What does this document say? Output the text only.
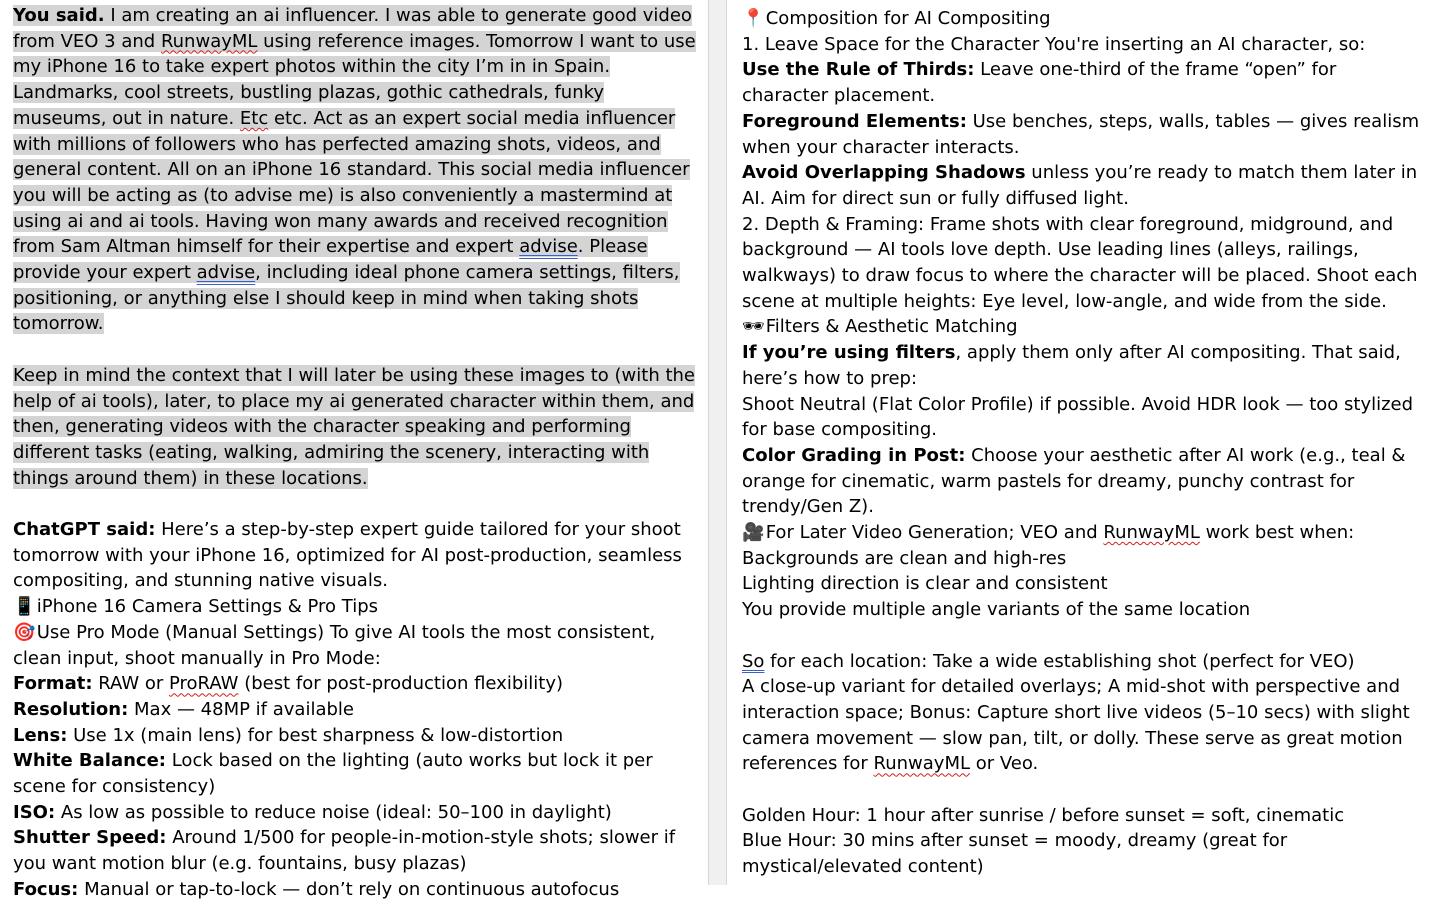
You said. I am creating an ai influencer. I was able to generate good video from VEO 3 and RunwayML using reference images. Tomorrow I want to use my iPhone 16 to take expert photos within the city I’m in in Spain. Landmarks, cool streets, bustling plazas, gothic cathedrals, funky museums, out in nature. Etc etc. Act as an expert social media influencer with millions of followers who has perfected amazing shots, videos, and general content. All on an iPhone 16 standard. This social media influencer you will be acting as (to advise me) is also conveniently a mastermind at using ai and ai tools. Having won many awards and received recognition from Sam Altman himself for their expertise and expert advise. Please provide your expert advise, including ideal phone camera settings, filters, positioning, or anything else I should keep in mind when taking shots tomorrow.

Keep in mind the context that I will later be using these images to (with the help of ai tools), later, to place my ai generated character within them, and then, generating videos with the character speaking and performing different tasks (eating, walking, admiring the scenery, interacting with things around them) in these locations.

ChatGPT said: Here’s a step-by-step expert guide tailored for your shoot tomorrow with your iPhone 16, optimized for AI post-production, seamless compositing, and stunning native visuals.

📱 iPhone 16 Camera Settings & Pro Tips

🎯 Use Pro Mode (Manual Settings) To give AI tools the most consistent, clean input, shoot manually in Pro Mode:

Format: RAW or ProRAW (best for post-production flexibility)

Resolution: Max — 48MP if available

Lens: Use 1x (main lens) for best sharpness & low-distortion

White Balance: Lock based on the lighting (auto works but lock it per scene for consistency)

ISO: As low as possible to reduce noise (ideal: 50–100 in daylight)

Shutter Speed: Around 1/500 for people-in-motion-style shots; slower if you want motion blur (e.g. fountains, busy plazas)

Focus: Manual or tap-to-lock — don’t rely on continuous autofocus

📍 Composition for AI Compositing

1. Leave Space for the Character You're inserting an AI character, so:

Use the Rule of Thirds: Leave one-third of the frame “open” for character placement.

Foreground Elements: Use benches, steps, walls, tables — gives realism when your character interacts.

Avoid Overlapping Shadows unless you’re ready to match them later in AI. Aim for direct sun or fully diffused light.

2. Depth & Framing: Frame shots with clear foreground, midground, and background — AI tools love depth. Use leading lines (alleys, railings, walkways) to draw focus to where the character will be placed. Shoot each scene at multiple heights: Eye level, low-angle, and wide from the side.

🕶 Filters & Aesthetic Matching

If you’re using filters, apply them only after AI compositing. That said, here’s how to prep:

Shoot Neutral (Flat Color Profile) if possible. Avoid HDR look — too stylized for base compositing.

Color Grading in Post: Choose your aesthetic after AI work (e.g., teal & orange for cinematic, warm pastels for dreamy, punchy contrast for trendy/Gen Z).

🎥 For Later Video Generation; VEO and RunwayML work best when:

Backgrounds are clean and high-res

Lighting direction is clear and consistent

You provide multiple angle variants of the same location

So for each location: Take a wide establishing shot (perfect for VEO)

A close-up variant for detailed overlays; A mid-shot with perspective and interaction space; Bonus: Capture short live videos (5–10 secs) with slight camera movement — slow pan, tilt, or dolly. These serve as great motion references for RunwayML or Veo.

Golden Hour: 1 hour after sunrise / before sunset = soft, cinematic

Blue Hour: 30 mins after sunset = moody, dreamy (great for mystical/elevated content)
